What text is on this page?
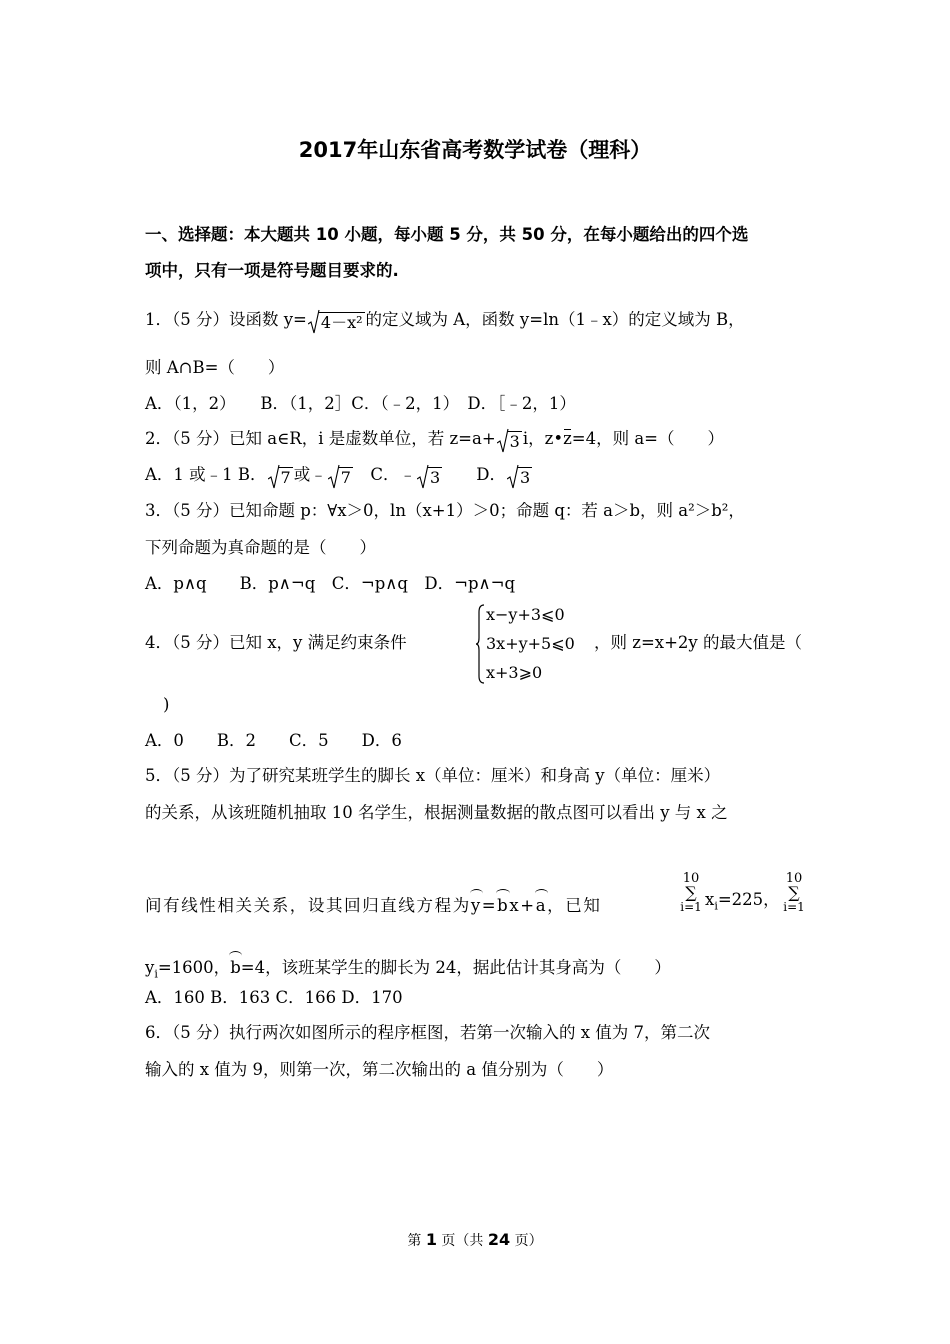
2017年山东省高考数学试卷（理科）
一、选择题：本大题共 10 小题，每小题 5 分，共 50 分，在每小题给出的四个选
项中，只有一项是符号题目要求的.
1．（5 分）设函数 y= 4－x² 的定义域为 A，函数 y=ln（1﹣x）的定义域为 B，
则 A∩B=（　　）
A．（1，2）　　B．（1，2］C．（﹣2，1）　D．［﹣2，1）
2．（5 分）已知 a∈R，i 是虚数单位，若 z=a+ 3 i，z•z=4，则 a=（　　）
A．1 或﹣1 B． 7 或﹣ 7　C．﹣ 3　　D． 3
3．（5 分）已知命题 p：∀x＞0，ln（x+1）＞0；命题 q：若 a＞b，则 a²＞b²，
下列命题为真命题的是（　　）
A．p∧q　　B．p∧¬q　C．¬p∧q　D．¬p∧¬q
4．（5 分）已知 x，y 满足约束条件
x−y+3⩽0
3x+y+5⩽0
x+3⩾0
，则 z=x+2y 的最大值是（
)
A．0　　B．2　　C．5　　D．6
5．（5 分）为了研究某班学生的脚长 x（单位：厘米）和身高 y（单位：厘米）
的关系，从该班随机抽取 10 名学生，根据测量数据的散点图可以看出 y 与 x 之
间有线性相关关系，设其回归直线方程为y=bx+a，已知
10
∑
i=1 $x_i=225$，
10
∑
i=1
$y_i=1600$，b=4，该班某学生的脚长为 24，据此估计其身高为（　　）
A．160 B．163 C．166 D．170
6．（5 分）执行两次如图所示的程序框图，若第一次输入的 x 值为 7，第二次
输入的 x 值为 9，则第一次，第二次输出的 a 值分别为（　　）
第 1 页（共 24 页）
